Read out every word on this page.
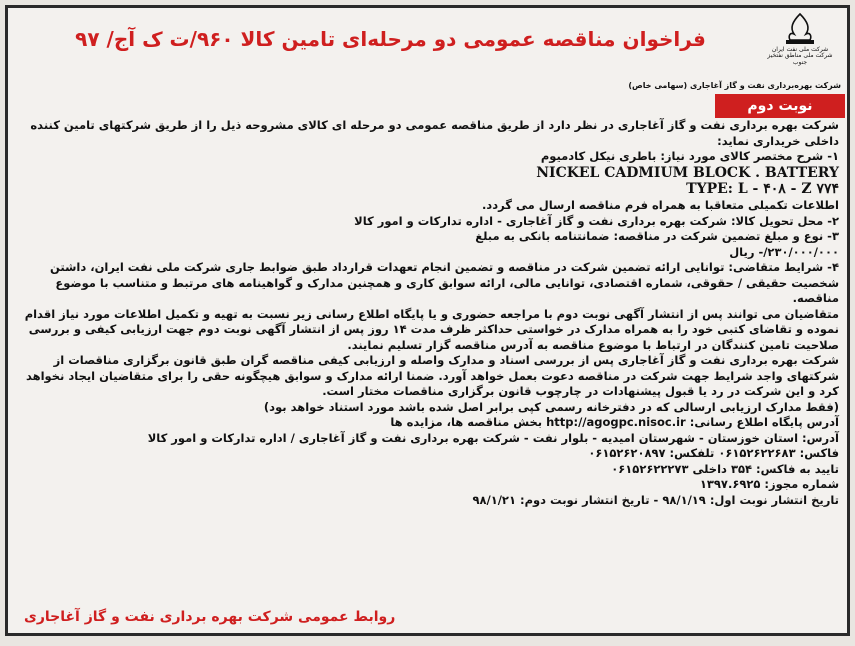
شرکت ملی نفت ایران
شرکت ملی مناطق نفتخیز جنوب
فراخوان مناقصه عمومی دو مرحله‌ای تامین کالا ۹۶۰/ت ک آج/ ۹۷
شرکت بهره‌برداری نفت و گاز آغاجاری (سهامی خاص)
نوبت دوم

شرکت بهره برداری نفت و گاز آغاجاری در نظر دارد از طریق مناقصه عمومی دو مرحله ای کالای مشروحه ذیل را از طریق شرکتهای تامین کننده

داخلی خریداری نماید:

۱- شرح مختصر کالای مورد نیاز: باطری نیکل کادمیوم

NICKEL CADMIUM BLOCK . BATTERY

TYPE: L - ۴۰۸ - Z ۷۷۴

اطلاعات تکمیلی متعاقبا به همراه فرم مناقصه ارسال می گردد.

۲- محل تحویل کالا: شرکت بهره برداری نفت و گاز آغاجاری - اداره تدارکات و امور کالا

۳- نوع و مبلغ تضمین شرکت در مناقصه: ضمانتنامه بانکی به مبلغ

۲۳۰/۰۰۰/۰۰۰/- ریال

۴- شرایط متقاضی: توانایی ارائه تضمین شرکت در مناقصه و تضمین انجام تعهدات قرارداد طبق ضوابط جاری شرکت ملی نفت ایران، داشتن شخصیت حقیقی / حقوقی، شماره اقتصادی، توانایی مالی، ارائه سوابق کاری و همچنین مدارک و گواهینامه های مرتبط و متناسب با موضوع مناقصه.

متقاضیان می توانند پس از انتشار آگهی نوبت دوم با مراجعه حضوری و یا پایگاه اطلاع رسانی زیر نسبت به تهیه و تکمیل اطلاعات مورد نیاز اقدام نموده و تقاضای کتبی خود را به همراه مدارک در خواستی حداکثر ظرف مدت ۱۴ روز پس از انتشار آگهی نوبت دوم جهت ارزیابی کیفی و بررسی صلاحیت تامین کنندگان در ارتباط با موضوع مناقصه به آدرس مناقصه گزار تسلیم نمایند.

شرکت بهره برداری نفت و گاز آغاجاری پس از بررسی اسناد و مدارک واصله و ارزیابی کیفی مناقصه گران طبق قانون برگزاری مناقصات از شرکتهای واجد شرایط جهت شرکت در مناقصه دعوت بعمل خواهد آورد. ضمنا ارائه مدارک و سوابق هیچگونه حقی را برای متقاضیان ایجاد نخواهد کرد و این شرکت در رد یا قبول پیشنهادات در چارچوب قانون برگزاری مناقصات مختار است.

(فقط مدارک ارزیابی ارسالی که در دفترخانه رسمی کپی برابر اصل شده باشد مورد استناد خواهد بود)

آدرس پایگاه اطلاع رسانی: http://agogpc.nisoc.ir بخش مناقصه ها، مزایده ها

آدرس: استان خوزستان - شهرستان امیدیه - بلوار نفت - شرکت بهره برداری نفت و گاز آغاجاری / اداره تدارکات و امور کالا

فاکس: ۰۶۱۵۲۶۲۲۶۸۳ تلفکس: ۰۶۱۵۲۶۲۰۸۹۷

تایید به فاکس: ۳۵۴ داخلی ۰۶۱۵۲۶۲۲۲۷۳

شماره مجوز: ۱۳۹۷.۶۹۲۵

تاریخ انتشار نوبت اول: ۹۸/۱/۱۹ - تاریخ انتشار نوبت دوم: ۹۸/۱/۲۱

روابط عمومی شرکت بهره برداری نفت و گاز آغاجاری
